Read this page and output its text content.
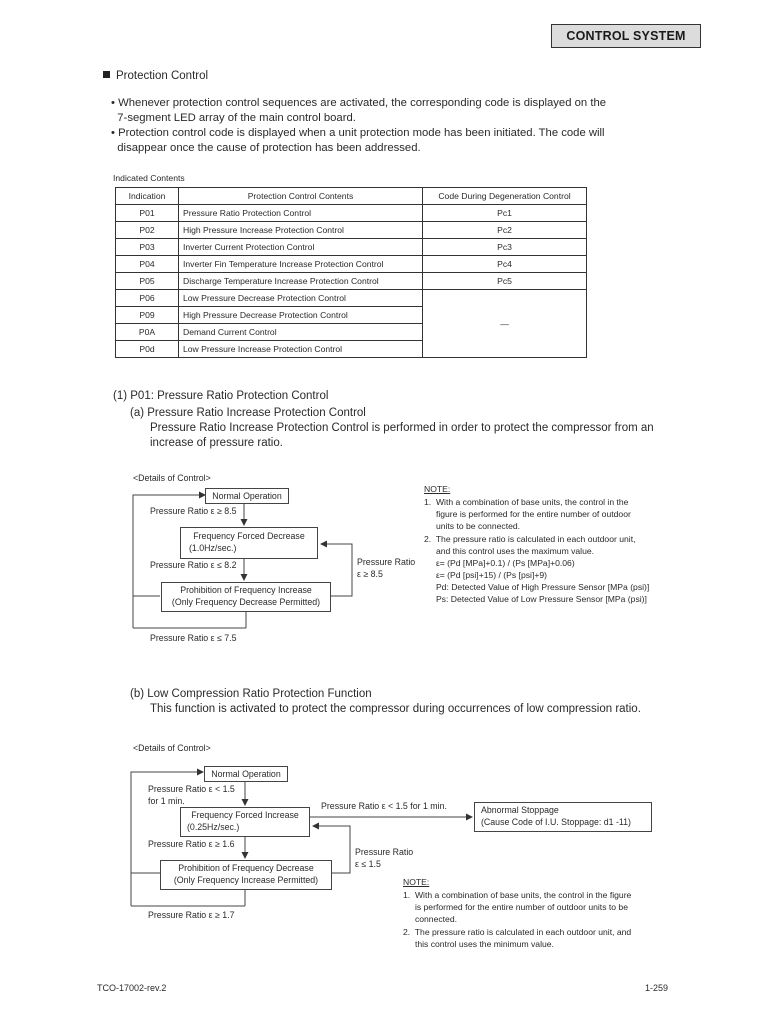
CONTROL SYSTEM
Protection Control
• Whenever protection control sequences are activated, the corresponding code is displayed on the
7-segment LED array of the main control board.
• Protection control code is displayed when a unit protection mode has been initiated. The code will
disappear once the cause of protection has been addressed.
Indicated Contents
Indication	Protection Control Contents	Code During Degeneration Control
P01	Pressure Ratio Protection Control	Pc1
P02	High Pressure Increase Protection Control	Pc2
P03	Inverter Current Protection Control	Pc3
P04	Inverter Fin Temperature Increase Protection Control	Pc4
P05	Discharge Temperature Increase Protection Control	Pc5
P06	Low Pressure Decrease Protection Control	—
P09	High Pressure Decrease Protection Control	
P0A	Demand Current Control	
P0d	Low Pressure Increase Protection Control	
(1) P01: Pressure Ratio Protection Control
(a) Pressure Ratio Increase Protection Control
Pressure Ratio Increase Protection Control is performed in order to protect the compressor from an
increase of pressure ratio.
<Details of Control>
Normal Operation
Pressure Ratio ε ≥ 8.5
Frequency Forced Decrease
(1.0Hz/sec.)
Pressure Ratio ε ≤ 8.2	Pressure Ratio
ε ≥ 8.5
Prohibition of Frequency Increase
(Only Frequency Decrease Permitted)
Pressure Ratio ε ≤ 7.5
NOTE:
1.  With a combination of base units, the control in the
figure is performed for the entire number of outdoor
units to be connected.
2.  The pressure ratio is calculated in each outdoor unit,
and this control uses the maximum value.
ε= (Pd [MPa]+0.1) / (Ps [MPa]+0.06)
ε= (Pd [psi]+15) / (Ps [psi]+9)
Pd: Detected Value of High Pressure Sensor [MPa (psi)]
Ps: Detected Value of Low Pressure Sensor [MPa (psi)]
(b) Low Compression Ratio Protection Function
This function is activated to protect the compressor during occurrences of low compression ratio.
<Details of Control>
Normal Operation
Pressure Ratio ε < 1.5
for 1 min.
Frequency Forced Increase
(0.25Hz/sec.)
Pressure Ratio ε < 1.5 for 1 min.	Abnormal Stoppage
(Cause Code of I.U. Stoppage: d1 -11)
Pressure Ratio ε ≥ 1.6
Pressure Ratio
ε ≤ 1.5
Prohibition of Frequency Decrease
(Only Frequency Increase Permitted)
Pressure Ratio ε ≥ 1.7
NOTE:
1.  With a combination of base units, the control in the figure
is performed for the entire number of outdoor units to be
connected.
2.  The pressure ratio is calculated in each outdoor unit, and
this control uses the minimum value.
TCO-17002-rev.2	1-259
